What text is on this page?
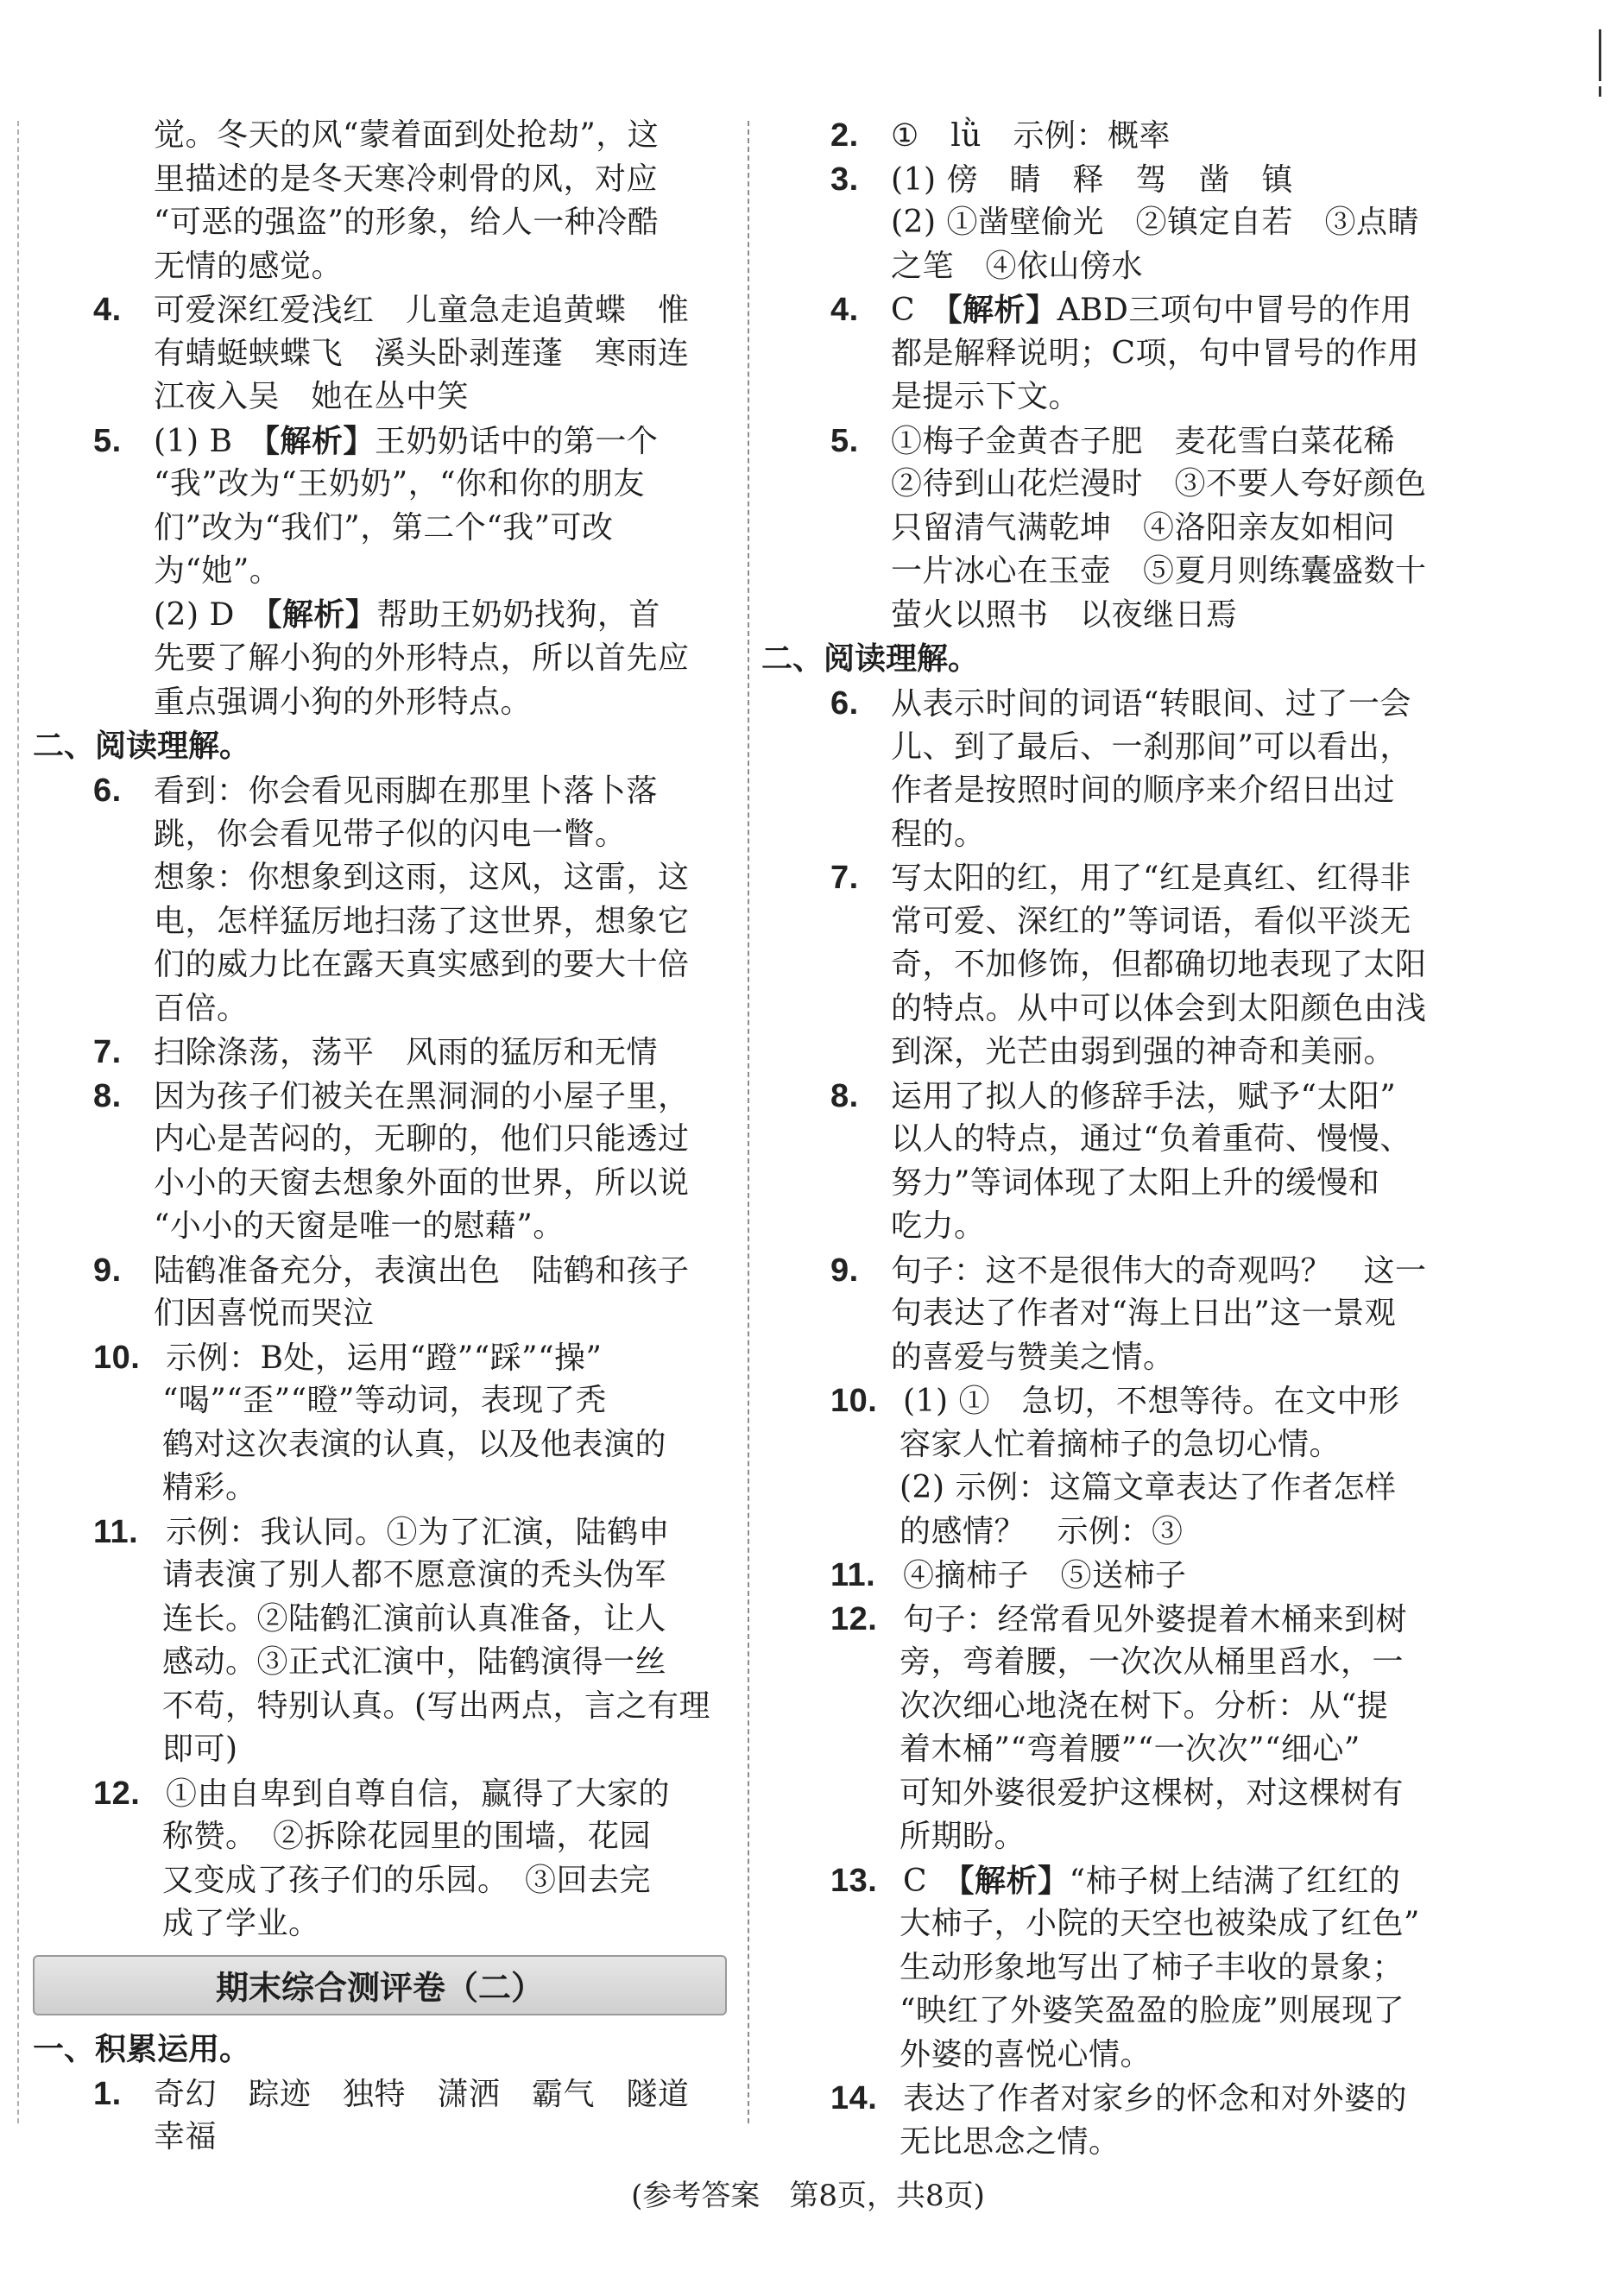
觉。冬天的风“蒙着面到处抢劫”，这
里描述的是冬天寒冷刺骨的风，对应
“可恶的强盗”的形象，给人一种冷酷
无情的感觉。
4. 可爱深红爱浅红　儿童急走追黄蝶　惟
有蜻蜓蛱蝶飞　溪头卧剥莲蓬　寒雨连
江夜入吴　她在丛中笑
5. (1) B　【解析】王奶奶话中的第一个
“我”改为“王奶奶”，“你和你的朋友
们”改为“我们”，第二个“我”可改
为“她”。
(2) D　【解析】帮助王奶奶找狗，首
先要了解小狗的外形特点，所以首先应
重点强调小狗的外形特点。
二、阅读理解。
6. 看到：你会看见雨脚在那里卜落卜落
跳，你会看见带子似的闪电一瞥。
想象：你想象到这雨，这风，这雷，这
电，怎样猛厉地扫荡了这世界，想象它
们的威力比在露天真实感到的要大十倍
百倍。
7. 扫除涤荡，荡平　风雨的猛厉和无情
8. 因为孩子们被关在黑洞洞的小屋子里，
内心是苦闷的，无聊的，他们只能透过
小小的天窗去想象外面的世界，所以说
“小小的天窗是唯一的慰藉”。
9. 陆鹤准备充分，表演出色　陆鹤和孩子
们因喜悦而哭泣
10. 示例：B处，运用“蹬”“踩”“操”
“喝”“歪”“瞪”等动词，表现了秃
鹤对这次表演的认真，以及他表演的
精彩。
11. 示例：我认同。①为了汇演，陆鹤申
请表演了别人都不愿意演的秃头伪军
连长。②陆鹤汇演前认真准备，让人
感动。③正式汇演中，陆鹤演得一丝
不苟，特别认真。(写出两点，言之有理
即可)
12. ①由自卑到自尊自信，赢得了大家的
称赞。　②拆除花园里的围墙，花园
又变成了孩子们的乐园。　③回去完
成了学业。
期末综合测评卷（二）
一、积累运用。
1. 奇幻　踪迹　独特　潇洒　霸气　隧道
幸福
2. ①　lǜ　示例：概率
3. (1) 傍　睛　释　驾　凿　镇
(2) ①凿壁偷光　②镇定自若　③点睛
之笔　④依山傍水
4. C　【解析】ABD三项句中冒号的作用
都是解释说明；C项，句中冒号的作用
是提示下文。
5. ①梅子金黄杏子肥　麦花雪白菜花稀
②待到山花烂漫时　③不要人夸好颜色
只留清气满乾坤　④洛阳亲友如相问
一片冰心在玉壶　⑤夏月则练囊盛数十
萤火以照书　以夜继日焉
二、阅读理解。
6. 从表示时间的词语“转眼间、过了一会
儿、到了最后、一刹那间”可以看出，
作者是按照时间的顺序来介绍日出过
程的。
7. 写太阳的红，用了“红是真红、红得非
常可爱、深红的”等词语，看似平淡无
奇，不加修饰，但都确切地表现了太阳
的特点。从中可以体会到太阳颜色由浅
到深，光芒由弱到强的神奇和美丽。
8. 运用了拟人的修辞手法，赋予“太阳”
以人的特点，通过“负着重荷、慢慢、
努力”等词体现了太阳上升的缓慢和
吃力。
9. 句子：这不是很伟大的奇观吗？　这一
句表达了作者对“海上日出”这一景观
的喜爱与赞美之情。
10. (1) ①　急切，不想等待。在文中形
容家人忙着摘柿子的急切心情。
(2) 示例：这篇文章表达了作者怎样
的感情？　示例：③
11. ④摘柿子　⑤送柿子
12. 句子：经常看见外婆提着木桶来到树
旁，弯着腰，一次次从桶里舀水，一
次次细心地浇在树下。分析：从“提
着木桶”“弯着腰”“一次次”“细心”
可知外婆很爱护这棵树，对这棵树有
所期盼。
13. C　【解析】“柿子树上结满了红红的
大柿子，小院的天空也被染成了红色”
生动形象地写出了柿子丰收的景象；
“映红了外婆笑盈盈的脸庞”则展现了
外婆的喜悦心情。
14. 表达了作者对家乡的怀念和对外婆的
无比思念之情。
(参考答案　第8页，共8页)
